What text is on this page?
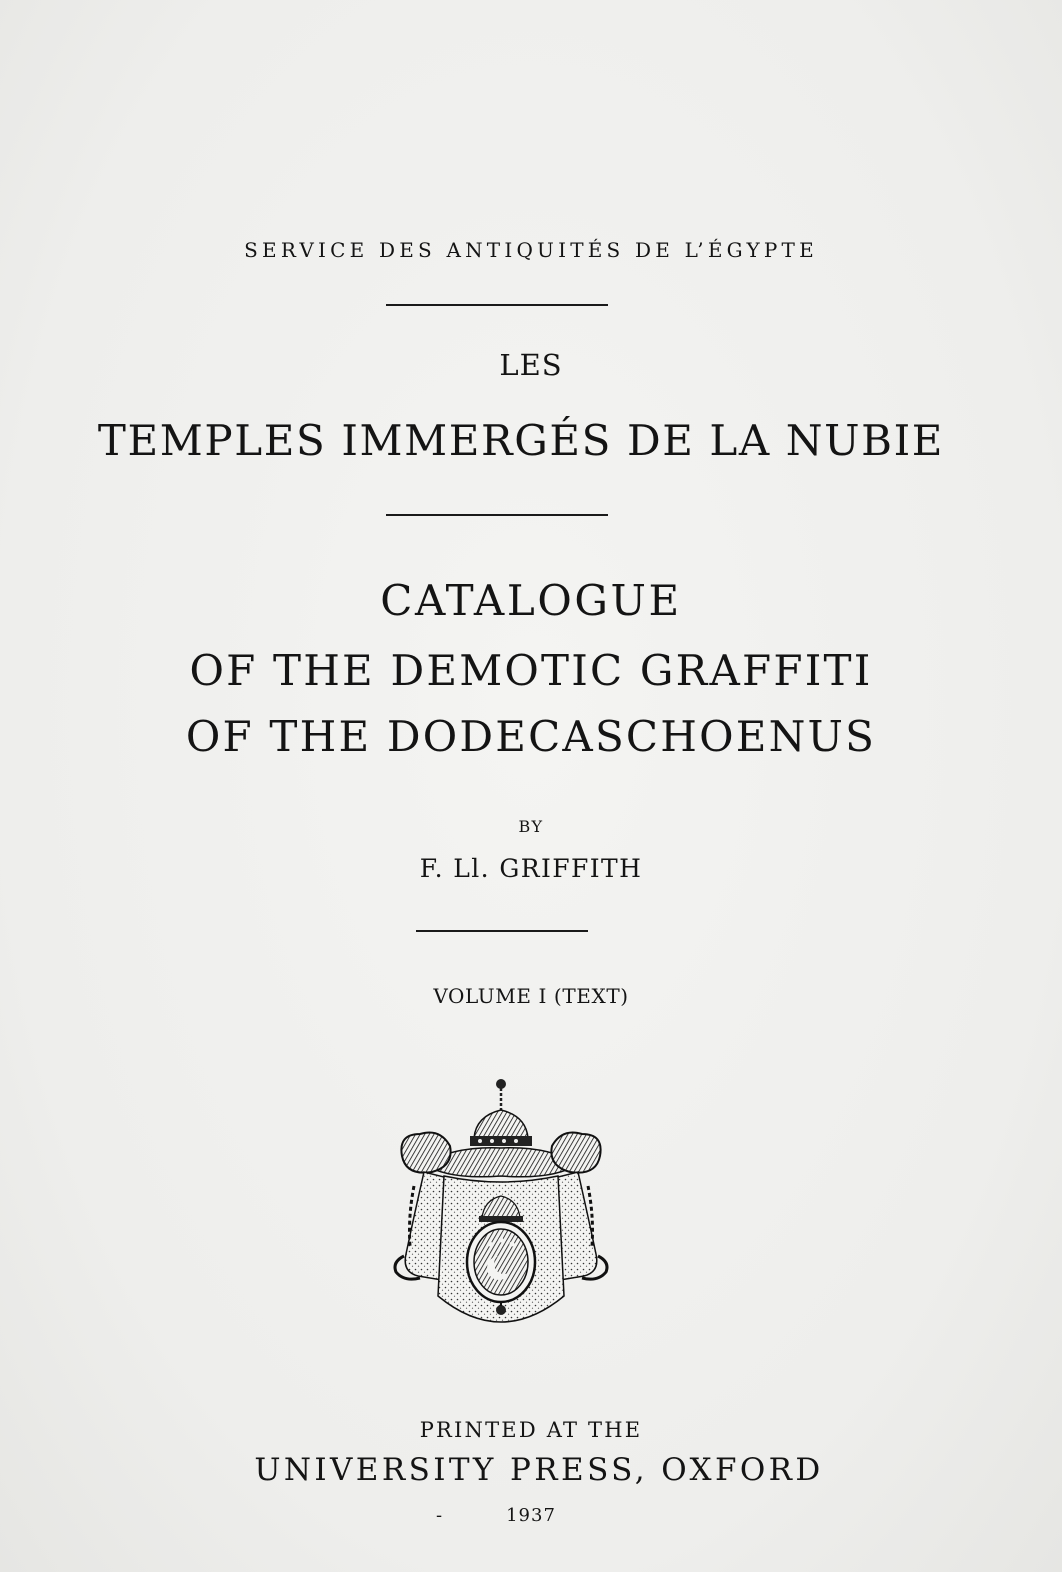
SERVICE DES ANTIQUITÉS DE L’ÉGYPTE
LES
TEMPLES IMMERGÉS DE LA NUBIE
CATALOGUE
OF THE DEMOTIC GRAFFITI
OF THE DODECASCHOENUS
BY
F. Ll. GRIFFITH
VOLUME I (TEXT)
PRINTED AT THE
UNIVERSITY PRESS, OXFORD
-	1937
